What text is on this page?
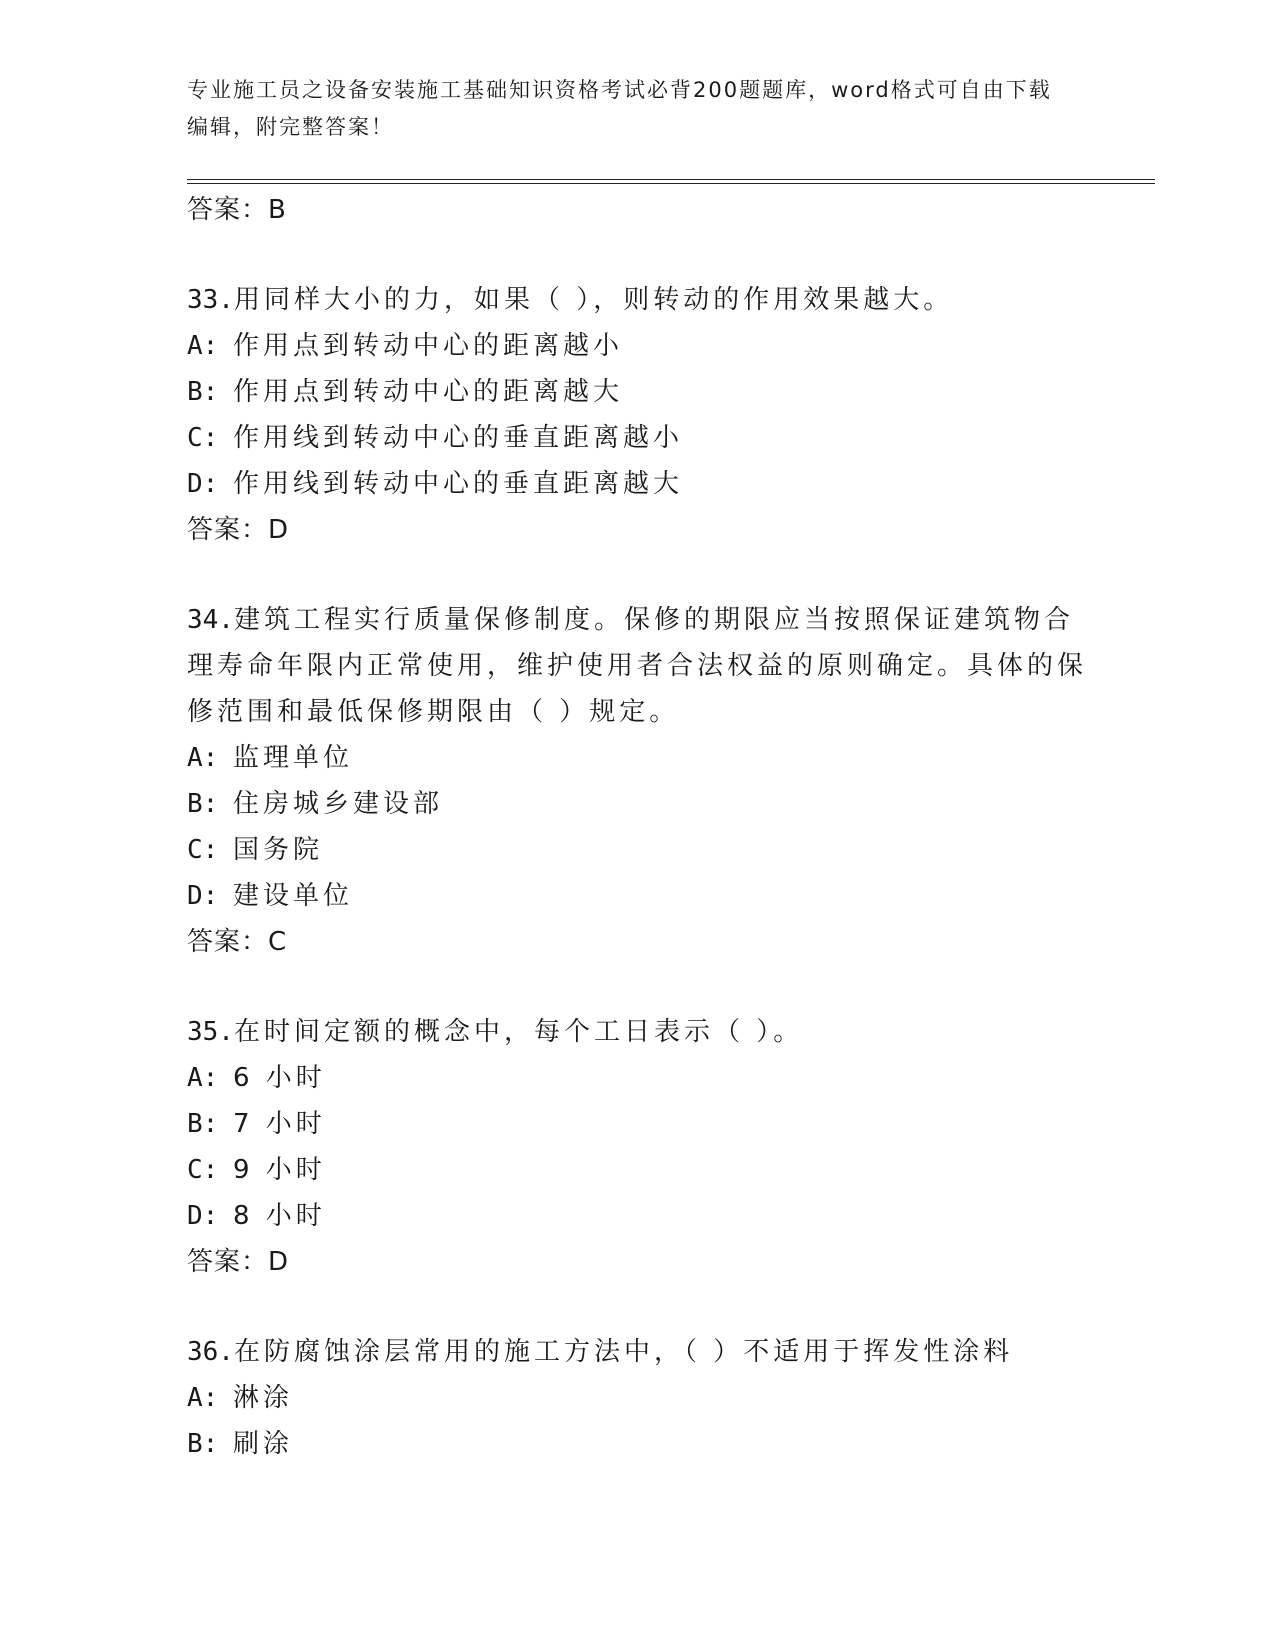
专业施工员之设备安装施工基础知识资格考试必背200题题库，word格式可自由下载编辑，附完整答案！
答案：B
33.用同样大小的力，如果（ ），则转动的作用效果越大。
A: 作用点到转动中心的距离越小
B: 作用点到转动中心的距离越大
C: 作用线到转动中心的垂直距离越小
D: 作用线到转动中心的垂直距离越大
答案：D
34.建筑工程实行质量保修制度。保修的期限应当按照保证建筑物合理寿命年限内正常使用，维护使用者合法权益的原则确定。具体的保修范围和最低保修期限由（ ）规定。
A: 监理单位
B: 住房城乡建设部
C: 国务院
D: 建设单位
答案：C
35.在时间定额的概念中，每个工日表示（ ）。
A: 6 小时
B: 7 小时
C: 9 小时
D: 8 小时
答案：D
36.在防腐蚀涂层常用的施工方法中，（ ）不适用于挥发性涂料
A: 淋涂
B: 刷涂
